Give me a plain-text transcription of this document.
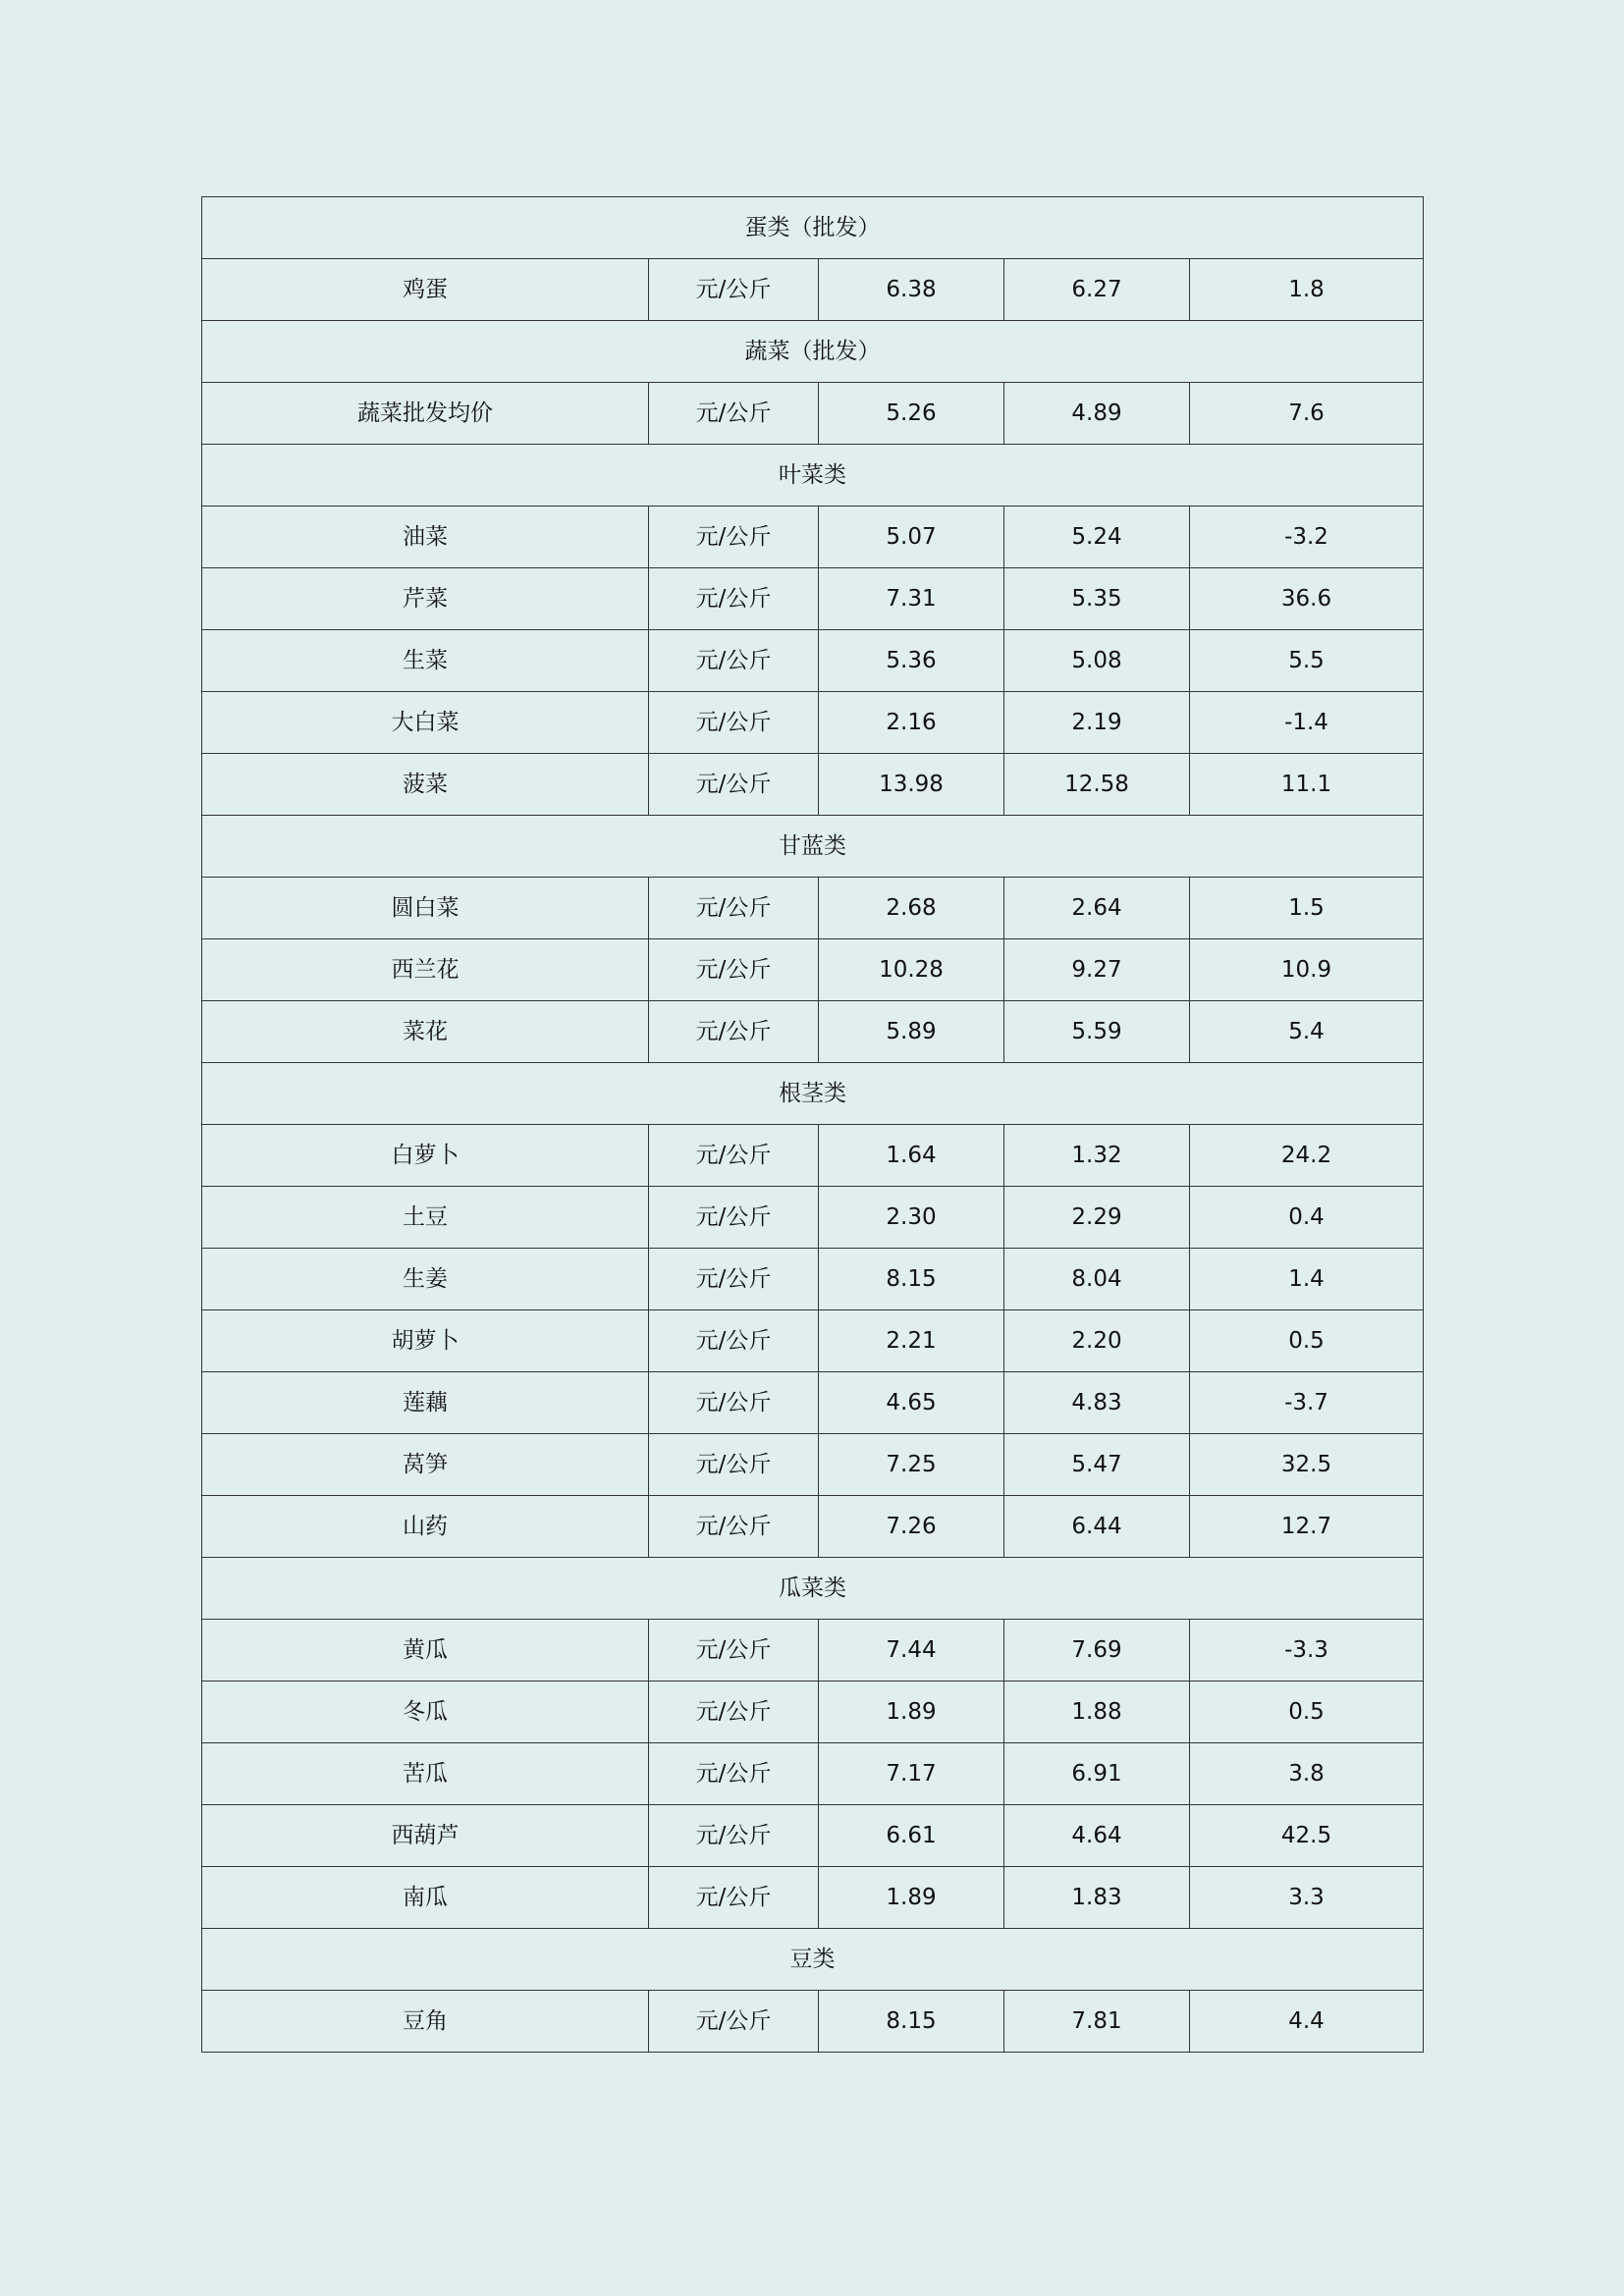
蛋类（批发）				
鸡蛋	元/公斤	6.38	6.27	1.8
蔬菜（批发）				
蔬菜批发均价	元/公斤	5.26	4.89	7.6
叶菜类				
油菜	元/公斤	5.07	5.24	-3.2
芹菜	元/公斤	7.31	5.35	36.6
生菜	元/公斤	5.36	5.08	5.5
大白菜	元/公斤	2.16	2.19	-1.4
菠菜	元/公斤	13.98	12.58	11.1
甘蓝类				
圆白菜	元/公斤	2.68	2.64	1.5
西兰花	元/公斤	10.28	9.27	10.9
菜花	元/公斤	5.89	5.59	5.4
根茎类				
白萝卜	元/公斤	1.64	1.32	24.2
土豆	元/公斤	2.30	2.29	0.4
生姜	元/公斤	8.15	8.04	1.4
胡萝卜	元/公斤	2.21	2.20	0.5
莲藕	元/公斤	4.65	4.83	-3.7
莴笋	元/公斤	7.25	5.47	32.5
山药	元/公斤	7.26	6.44	12.7
瓜菜类				
黄瓜	元/公斤	7.44	7.69	-3.3
冬瓜	元/公斤	1.89	1.88	0.5
苦瓜	元/公斤	7.17	6.91	3.8
西葫芦	元/公斤	6.61	4.64	42.5
南瓜	元/公斤	1.89	1.83	3.3
豆类				
豆角	元/公斤	8.15	7.81	4.4
